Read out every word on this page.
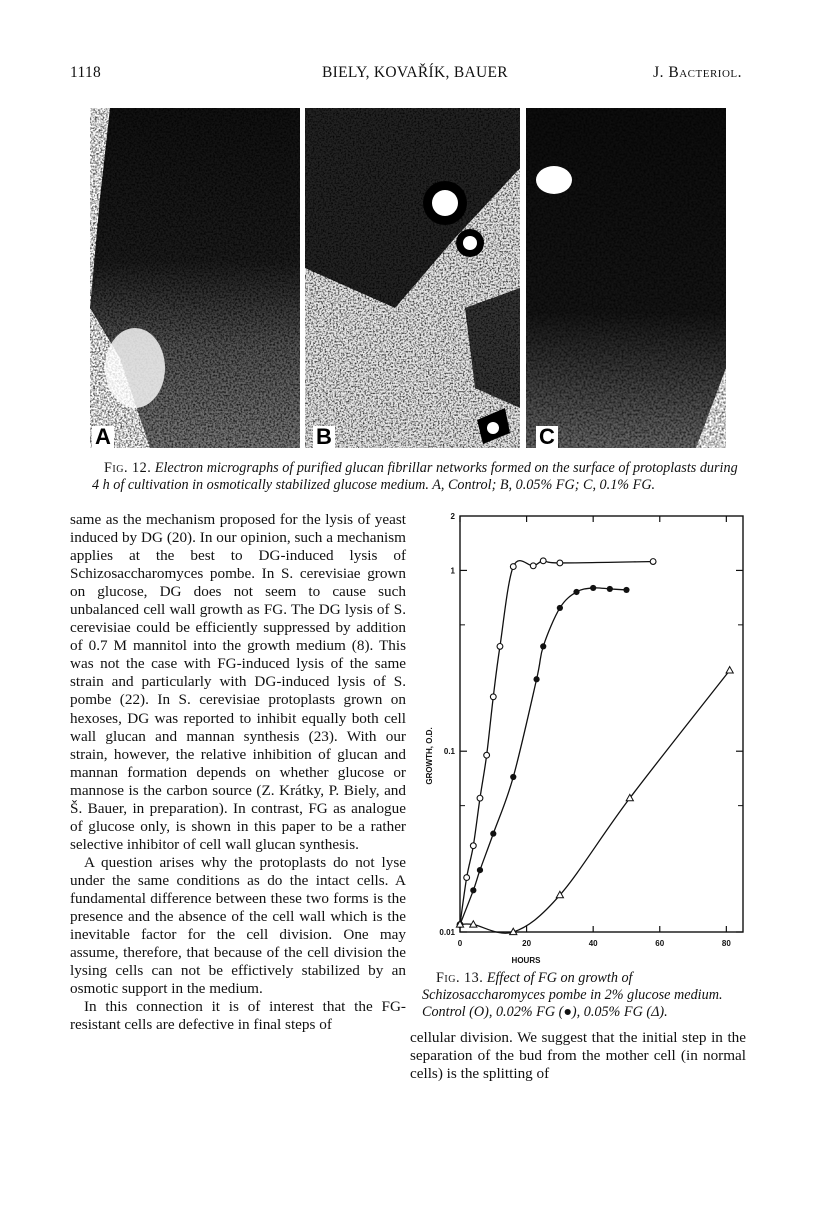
1118	BIELY, KOVAŘÍK, BAUER	J. Bacteriol.
A	B	C
Fig. 12. Electron micrographs of purified glucan fibrillar networks formed on the surface of protoplasts during 4 h of cultivation in osmotically stabilized glucose medium. A, Control; B, 0.05% FG; C, 0.1% FG.

same as the mechanism proposed for the lysis of yeast induced by DG (20). In our opinion, such a mechanism applies at the best to DG-induced lysis of Schizosaccharomyces pombe. In S. cerevisiae grown on glucose, DG does not seem to cause such unbalanced cell wall growth as FG. The DG lysis of S. cerevisiae could be efficiently suppressed by addition of 0.7 M mannitol into the growth medium (8). This was not the case with FG-induced lysis of the same strain and particularly with DG-induced lysis of S. pombe (22). In S. cerevisiae protoplasts grown on hexoses, DG was reported to inhibit equally both cell wall glucan and mannan synthesis (23). With our strain, however, the relative inhibition of glucan and mannan formation depends on whether glucose or mannose is the carbon source (Z. Krátky, P. Biely, and Š. Bauer, in preparation). In contrast, FG as analogue of glucose only, is shown in this paper to be a rather selective inhibitor of cell wall glucan synthesis.

A question arises why the protoplasts do not lyse under the same conditions as do the intact cells. A fundamental difference between these two forms is the presence and the absence of the cell wall which is the inevitable factor for the cell division. One may assume, therefore, that because of the cell division the lysing cells can not be effictively stabilized by an osmotic support in the medium.

In this connection it is of interest that the FG-resistant cells are defective in final steps of

0	20	40	60	80
2
1
0.1
0.01
GROWTH, O.D.
HOURS
Fig. 13. Effect of FG on growth of Schizosaccharomyces pombe in 2% glucose medium. Control (O), 0.02% FG (●), 0.05% FG (Δ).

cellular division. We suggest that the initial step in the separation of the bud from the mother cell (in normal cells) is the splitting of
